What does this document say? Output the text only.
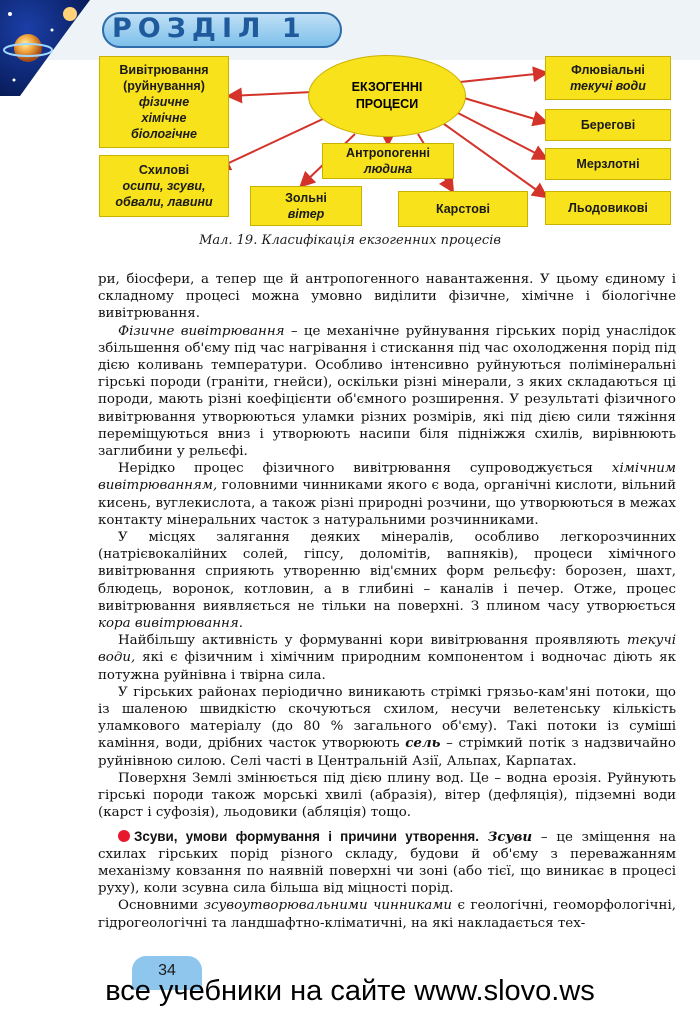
РОЗДІЛ 1
Вивітрювання
(руйнування)
фізичне
хімічне
біологічне
Схилові
осипи, зсуви,
обвали, лавини
ЕКЗОГЕННІ
ПРОЦЕСИ
Антропогенні
людина
Зольні
вітер	Карстові
Флювіальні
текучі води
Берегові
Мерзлотні
Льодовикові
Мал. 19. Класифікація екзогенних процесів

ри, біосфери, а тепер ще й антропогенного навантаження. У цьому єдиному і складному процесі можна умовно виділити фізичне, хімічне і біологічне вивітрювання.

Фізичне вивітрювання – це механічне руйнування гірських порід унаслідок збільшення об'єму під час нагрівання і стискання під час охолодження порід під дією коливань температури. Особливо інтенсивно руйнуються полімінеральні гірські породи (граніти, гнейси), оскільки різні мінерали, з яких складаються ці породи, мають різні коефіцієнти об'ємного розширення. У результаті фізичного вивітрювання утворюються уламки різних розмірів, які під дією сили тяжіння переміщуються вниз і утворюють насипи біля підніжжя схилів, вирівнюють заглибини у рельєфі.

Нерідко процес фізичного вивітрювання супроводжується хімічним вивітрюванням, головними чинниками якого є вода, органічні кислоти, вільний кисень, вуглекислота, а також різні природні розчини, що утворюються в межах контакту мінеральних часток з натуральними розчинниками.

У місцях залягання деяких мінералів, особливо легкорозчинних (натрієвокалійних солей, гіпсу, доломітів, вапняків), процеси хімічного вивітрювання сприяють утворенню від'ємних форм рельєфу: борозен, шахт, блюдець, воронок, котловин, а в глибині – каналів і печер. Отже, процес вивітрювання виявляється не тільки на поверхні. З плином часу утворюється кора вивітрювання.

Найбільшу активність у формуванні кори вивітрювання проявляють текучі води, які є фізичним і хімічним природним компонентом і водночас діють як потужна руйнівна і твірна сила.

У гірських районах періодично виникають стрімкі грязьо-кам'яні потоки, що із шаленою швидкістю скочуються схилом, несучи велетенську кількість уламкового матеріалу (до 80 % загального об'єму). Такі потоки із суміші каміння, води, дрібних часток утворюють сель – стрімкий потік з надзвичайно руйнівною силою. Селі часті в Центральній Азії, Альпах, Карпатах.

Поверхня Землі змінюється під дією плину вод. Це – водна ерозія. Руйнують гірські породи також морські хвилі (абразія), вітер (дефляція), підземні води (карст і суфозія), льодовики (абляція) тощо.

Зсуви, умови формування і причини утворення. Зсуви – це зміщення на схилах гірських порід різного складу, будови й об'єму з переважанням механізму ковзання по наявній поверхні чи зоні (або тієї, що виникає в процесі руху), коли зсувна сила більша від міцності порід.

Основними зсувоутворювальними чинниками є геологічні, геоморфологічні, гідрогеологічні та ландшафтно-кліматичні, на які накладається тех-

34
все учебники на сайте www.slovo.ws
